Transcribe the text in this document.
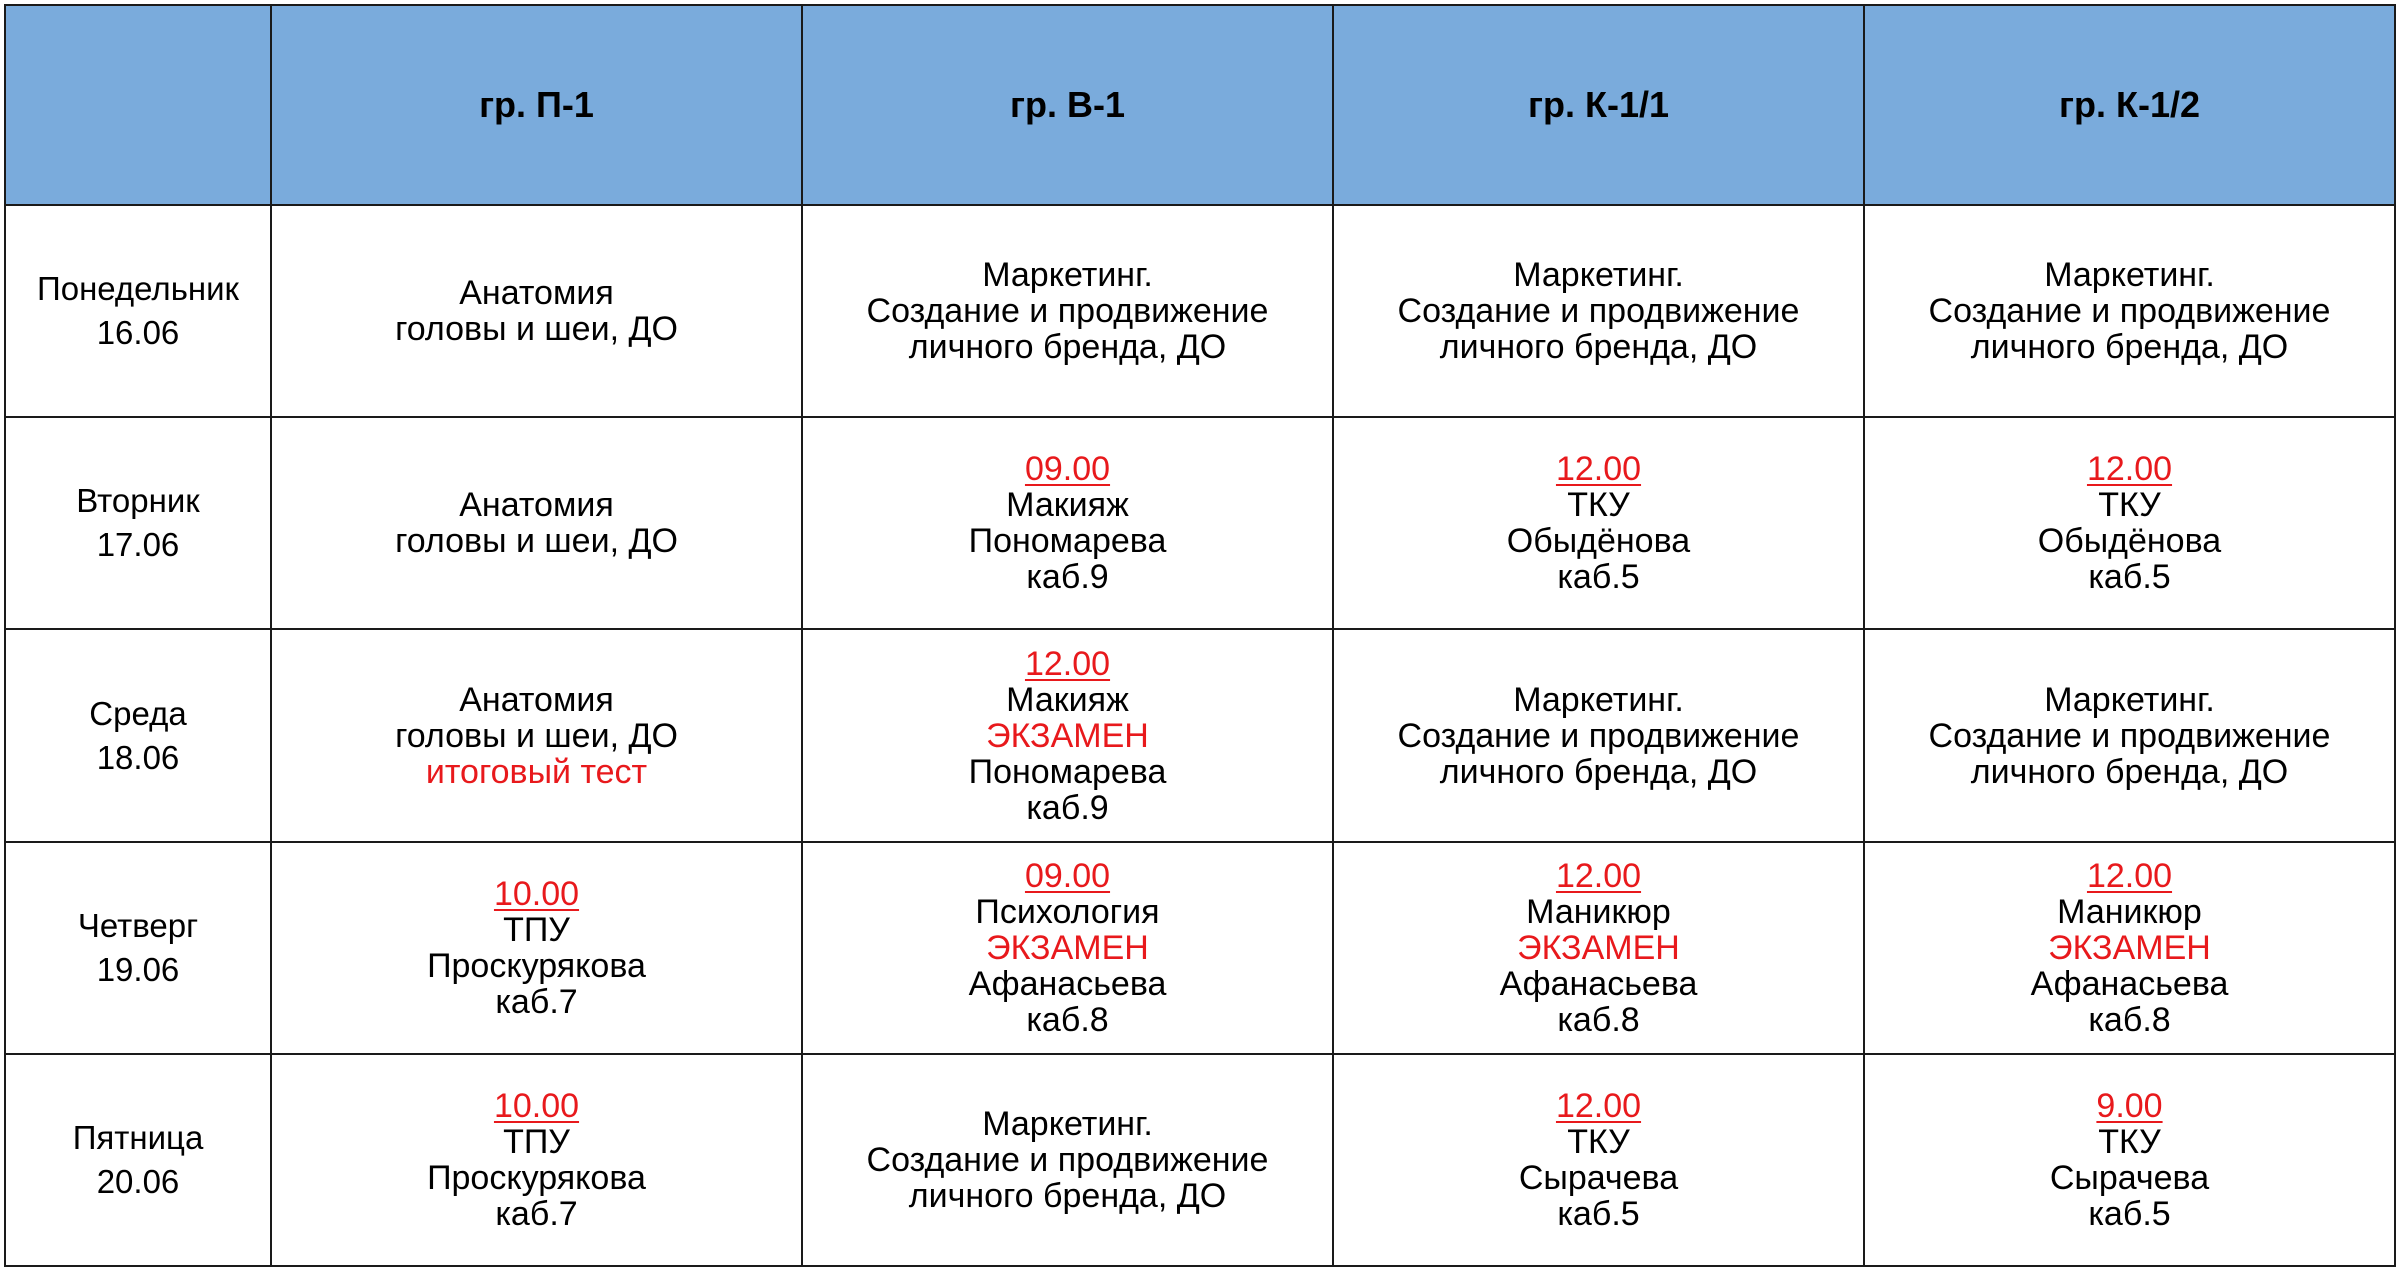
	гр. П-1	гр. В-1	гр. К-1/1	гр. К-1/2

Понедельник
16.06	Анатомия
головы и шеи, ДО	Маркетинг.
Создание и продвижение
личного бренда, ДО	Маркетинг.
Создание и продвижение
личного бренда, ДО	Маркетинг.
Создание и продвижение
личного бренда, ДО

Вторник
17.06	Анатомия
головы и шеи, ДО	09.00
Макияж
Пономарева
каб.9	12.00
ТКУ
Обыдёнова
каб.5	12.00
ТКУ
Обыдёнова
каб.5

Среда
18.06	Анатомия
головы и шеи, ДО
итоговый тест	12.00
Макияж
ЭКЗАМЕН
Пономарева
каб.9	Маркетинг.
Создание и продвижение
личного бренда, ДО	Маркетинг.
Создание и продвижение
личного бренда, ДО

Четверг
19.06	10.00
ТПУ
Проскурякова
каб.7	09.00
Психология
ЭКЗАМЕН
Афанасьева
каб.8	12.00
Маникюр
ЭКЗАМЕН
Афанасьева
каб.8	12.00
Маникюр
ЭКЗАМЕН
Афанасьева
каб.8

Пятница
20.06	10.00
ТПУ
Проскурякова
каб.7	Маркетинг.
Создание и продвижение
личного бренда, ДО	12.00
ТКУ
Сырачева
каб.5	9.00
ТКУ
Сырачева
каб.5
